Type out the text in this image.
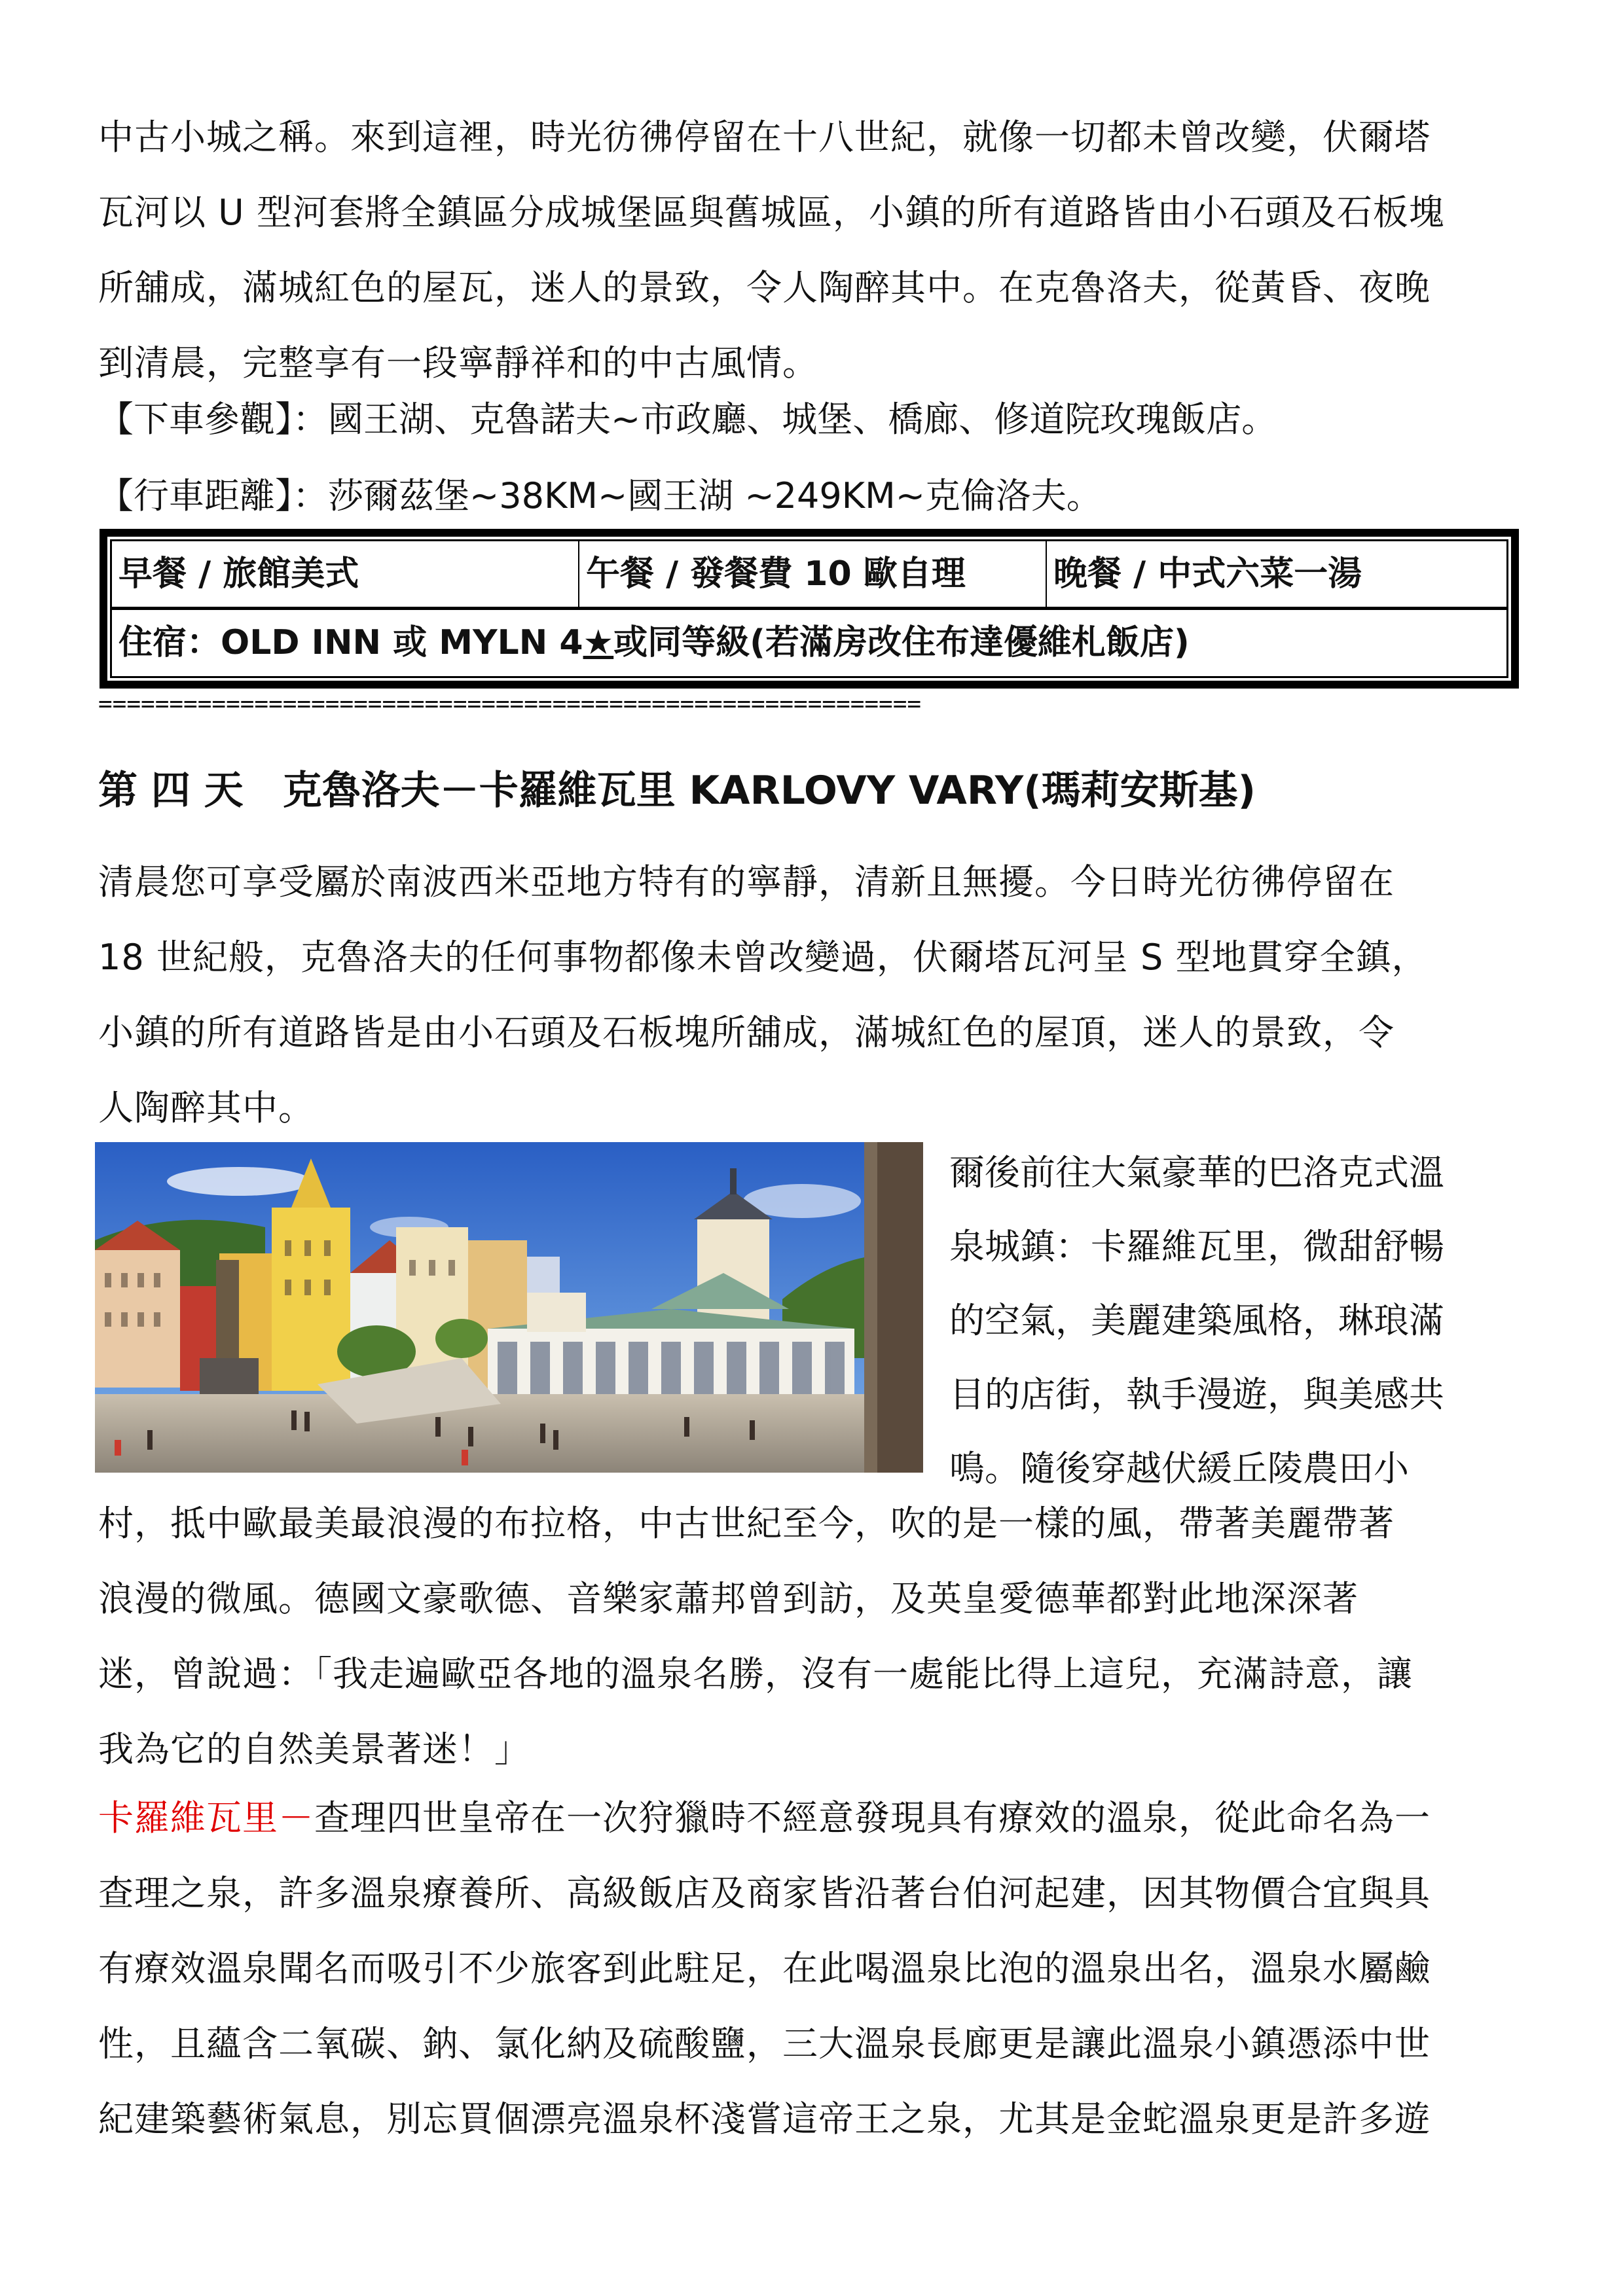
中古小城之稱。來到這裡，時光彷彿停留在十八世紀，就像一切都未曾改變，伏爾塔
瓦河以 U 型河套將全鎮區分成城堡區與舊城區，小鎮的所有道路皆由小石頭及石板塊
所舖成，滿城紅色的屋瓦，迷人的景致，令人陶醉其中。在克魯洛夫，從黃昏、夜晚
到清晨，完整享有一段寧靜祥和的中古風情。
【下車參觀】：國王湖、克魯諾夫~市政廳、城堡、橋廊、修道院玫瑰飯店。
【行車距離】：莎爾茲堡~38KM~國王湖 ~249KM~克倫洛夫。
早餐 / 旅館美式	午餐 / 發餐費 10 歐自理	晚餐 / 中式六菜一湯
住宿：OLD INN 或 MYLN 4★或同等級(若滿房改住布達優維札飯店)
==========================================================
第 四 天　克魯洛夫－卡羅維瓦里 KARLOVY VARY(瑪莉安斯基)
清晨您可享受屬於南波西米亞地方特有的寧靜，清新且無擾。今日時光彷彿停留在
18 世紀般，克魯洛夫的任何事物都像未曾改變過，伏爾塔瓦河呈 S 型地貫穿全鎮，
小鎮的所有道路皆是由小石頭及石板塊所舖成，滿城紅色的屋頂，迷人的景致，令
人陶醉其中。
爾後前往大氣豪華的巴洛克式溫
泉城鎮：卡羅維瓦里，微甜舒暢
的空氣，美麗建築風格，琳琅滿
目的店街，執手漫遊，與美感共
鳴。隨後穿越伏緩丘陵農田小
村，抵中歐最美最浪漫的布拉格，中古世紀至今，吹的是一樣的風，帶著美麗帶著
浪漫的微風。德國文豪歌德、音樂家蕭邦曾到訪，及英皇愛德華都對此地深深著
迷，曾說過：「我走遍歐亞各地的溫泉名勝，沒有一處能比得上這兒，充滿詩意，讓
我為它的自然美景著迷！」
卡羅維瓦里－查理四世皇帝在一次狩獵時不經意發現具有療效的溫泉，從此命名為一
查理之泉，許多溫泉療養所、高級飯店及商家皆沿著台伯河起建，因其物價合宜與具
有療效溫泉聞名而吸引不少旅客到此駐足，在此喝溫泉比泡的溫泉出名，溫泉水屬鹼
性，且蘊含二氧碳、鈉、氯化納及硫酸鹽，三大溫泉長廊更是讓此溫泉小鎮憑添中世
紀建築藝術氣息，別忘買個漂亮溫泉杯淺嘗這帝王之泉，尤其是金蛇溫泉更是許多遊
